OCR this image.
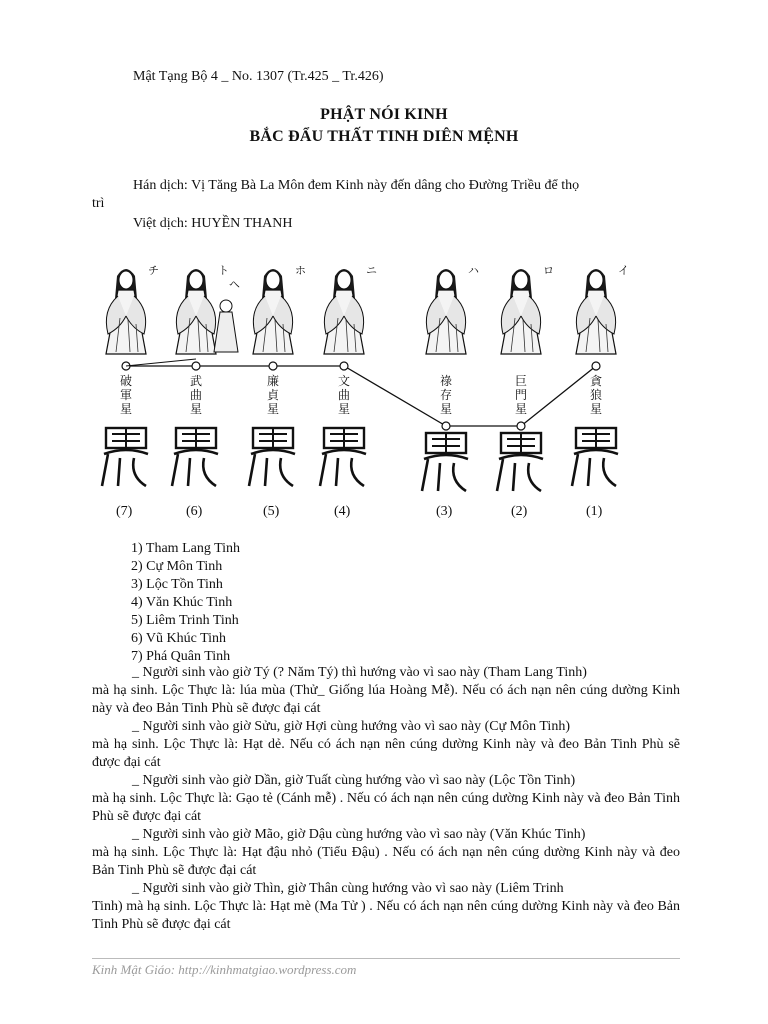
Mật Tạng Bộ 4 _ No. 1307 (Tr.425 _ Tr.426)
PHẬT NÓI KINH
BẮC ĐẨU THẤT TINH DIÊN MỆNH
Hán dịch: Vị Tăng Bà La Môn đem Kinh này đến dâng cho Đường Triều để thọ
trì
Việt dịch: HUYỀN THANH
チ
破
軍
星
ト
武
曲
星
ホ
廉
貞
星
ニ
文
曲
星
ハ
祿
存
星
ロ
巨
門
星
イ
貪
狼
星
ヘ
(7)	(6)	(5)	(4)	(3)	(2)	(1)
1) Tham Lang Tinh
2) Cự Môn Tinh
3) Lộc Tồn Tinh
4) Văn Khúc Tinh
5) Liêm Trinh Tinh
6) Vũ Khúc Tinh
7) Phá Quân Tinh
_ Người sinh vào giờ Tý (? Năm Tý) thì hướng vào vì sao này (Tham Lang Tinh)
mà hạ sinh. Lộc Thực là: lúa mùa (Thử_ Giống lúa Hoàng Mễ). Nếu có ách nạn nên cúng dường Kinh này và đeo Bản Tinh Phù sẽ được đại cát
_ Người sinh vào giờ Sửu, giờ Hợi cùng hướng vào vì sao này (Cự Môn Tinh)
mà hạ sinh. Lộc Thực là: Hạt dẻ. Nếu có ách nạn nên cúng dường Kinh này và đeo Bản Tinh Phù sẽ được đại cát
_ Người sinh vào giờ Dần, giờ Tuất cùng hướng vào vì sao này (Lộc Tồn Tinh)
mà hạ sinh. Lộc Thực là: Gạo tẻ (Cánh mễ) . Nếu có ách nạn nên cúng dường Kinh này và đeo Bản Tinh Phù sẽ được đại cát
_ Người sinh vào giờ Mão, giờ Dậu cùng hướng vào vì sao này (Văn Khúc Tinh)
mà hạ sinh. Lộc Thực là: Hạt đậu nhỏ (Tiểu Đậu) . Nếu có ách nạn nên cúng dường Kinh này và đeo Bản Tinh Phù sẽ được đại cát
_ Người sinh vào giờ Thìn, giờ Thân cùng hướng vào vì sao này (Liêm Trinh
Tinh) mà hạ sinh. Lộc Thực là: Hạt mè (Ma Tử ) . Nếu có ách nạn nên cúng dường Kinh này và đeo Bản Tinh Phù sẽ được đại cát
Kinh Mật Giáo: http://kinhmatgiao.wordpress.com
